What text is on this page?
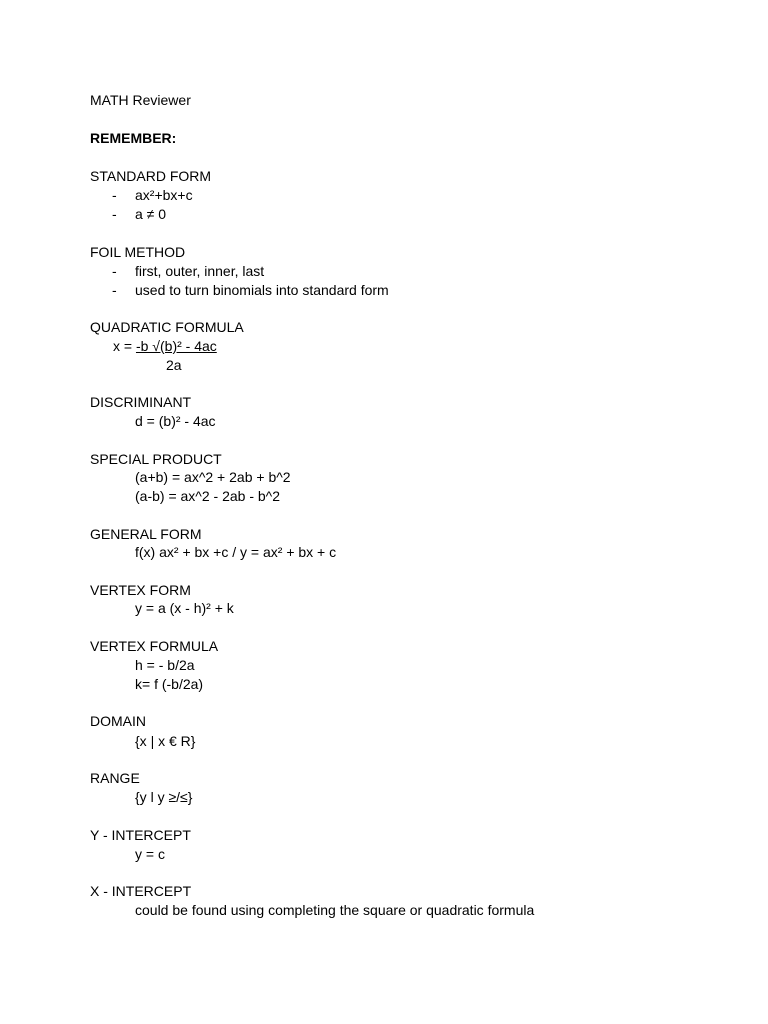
MATH Reviewer
REMEMBER:
STANDARD FORM
- ax²+bx+c
- a ≠ 0
FOIL METHOD
- first, outer, inner, last
- used to turn binomials into standard form
QUADRATIC FORMULA
x = -b √(b)² - 4ac
2a
DISCRIMINANT
d = (b)² - 4ac
SPECIAL PRODUCT
(a+b) = ax^2 + 2ab + b^2
(a-b) = ax^2 - 2ab - b^2
GENERAL FORM
f(x) ax² + bx +c / y = ax² + bx + c
VERTEX FORM
y = a (x - h)² + k
VERTEX FORMULA
h = - b/2a
k= f (-b/2a)
DOMAIN
{x | x € R}
RANGE
{y l y ≥/≤}
Y - INTERCEPT
y = c
X - INTERCEPT
could be found using completing the square or quadratic formula
